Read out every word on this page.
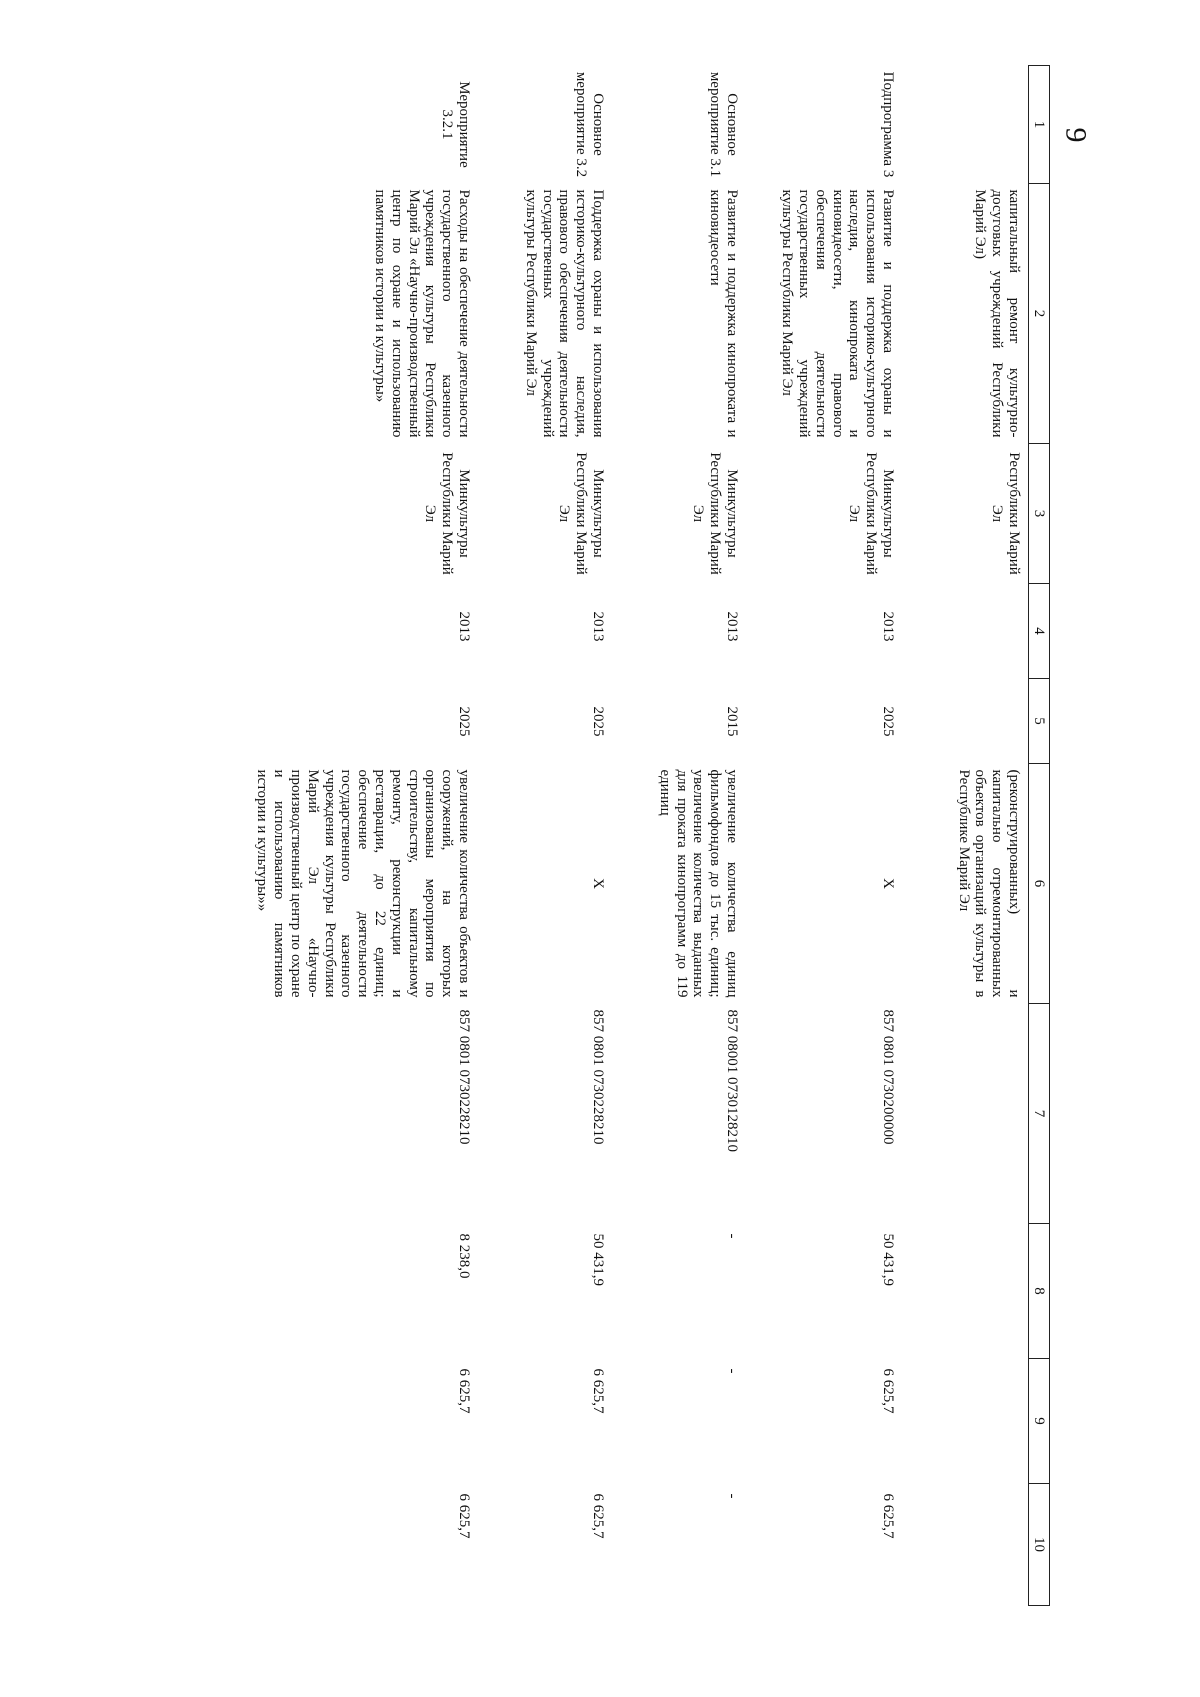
9
1	2	3	4	5	6	7	8	9	10
	капитальный ремонт культурно-досуговых учреждений Республики Марий Эл)	Республики Марий Эл			(реконструированных) и капитально отремонтированных объектов организаций культуры в Республике Марий Эл				
Подпрограмма 3	Развитие и поддержка охраны и использования историко-культурного наследия, кинопроката и киновидеосети, правового обеспечения деятельности государственных учреждений культуры Республики Марий Эл	Минкультуры Республики Марий Эл	2013	2025	X	857 0801 0730200000	50 431,9	6 625,7	6 625,7
Основное мероприятие 3.1	Развитие и поддержка кинопроката и киновидеосети	Минкультуры Республики Марий Эл	2013	2015	увеличение количества единиц фильмофондов до 15 тыс. единиц; увеличение количества выданных для проката кинопрограмм до 119 единиц	857 08001 0730128210	-	-	-
Основное мероприятие 3.2	Поддержка охраны и использования историко-культурного наследия, правового обеспечения деятельности государственных учреждений культуры Республики Марий Эл	Минкультуры Республики Марий Эл	2013	2025	X	857 0801 0730228210	50 431,9	6 625,7	6 625,7
Мероприятие 3.2.1	Расходы на обеспечение деятельности государственного казенного учреждения культуры Республики Марий Эл «Научно-производственный центр по охране и использованию памятников истории и культуры»	Минкультуры Республики Марий Эл	2013	2025	увеличение количества объектов и сооружений, на которых организованы мероприятия по строительству, капитальному ремонту, реконструкции и реставрации, до 22 единиц; обеспечение деятельности государственного казенного учреждения культуры Республики Марий Эл «Научно-производственный центр по охране и использованию памятников истории и культуры»»	857 0801 0730228210	8 238,0	6 625,7	6 625,7
